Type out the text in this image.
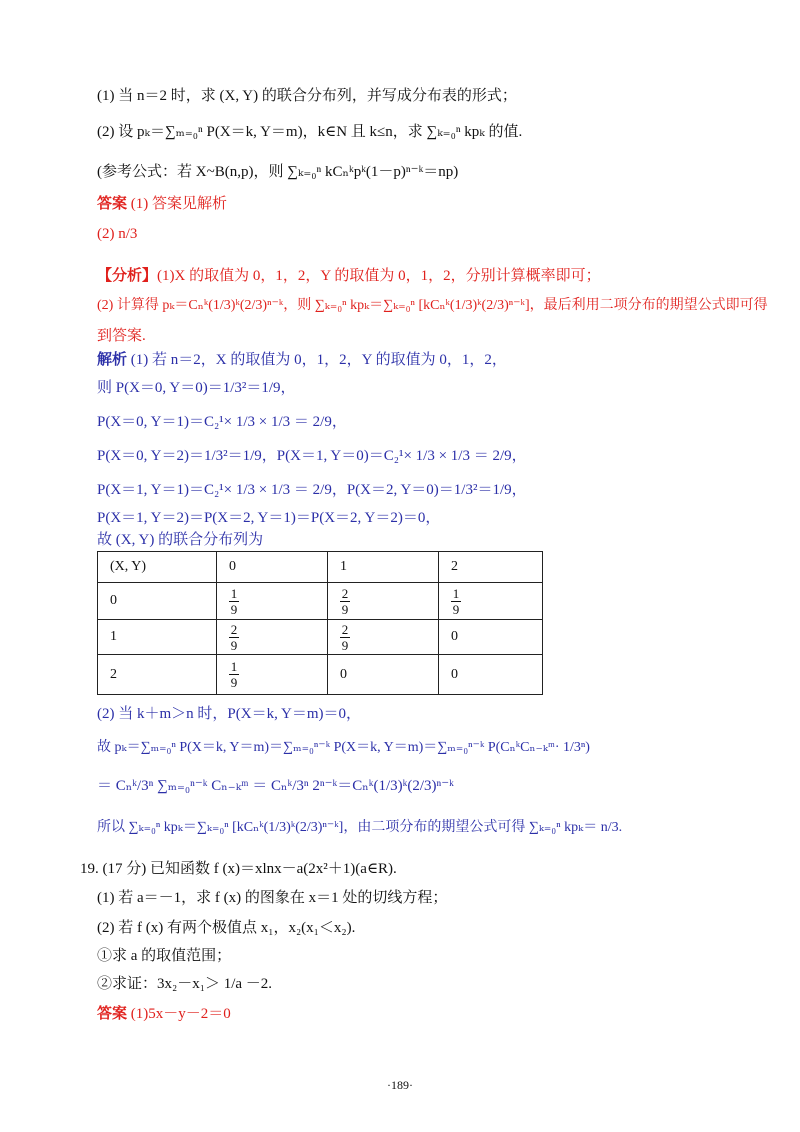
(1) 当 n＝2 时，求 (X, Y) 的联合分布列，并写成分布表的形式；
(2) 设 pₖ＝∑ₘ₌₀ⁿ P(X＝k, Y＝m)，k∈N 且 k≤n，求 ∑ₖ₌₀ⁿ kpₖ 的值.
(参考公式：若 X~B(n,p)，则 ∑ₖ₌₀ⁿ kCₙᵏpᵏ(1－p)ⁿ⁻ᵏ＝np)
答案 (1) 答案见解析
(2) n/3
【分析】(1)X 的取值为 0，1，2，Y 的取值为 0，1，2，分别计算概率即可；
(2) 计算得 pₖ＝Cₙᵏ(1/3)ᵏ(2/3)ⁿ⁻ᵏ，则 ∑ₖ₌₀ⁿ kpₖ＝∑ₖ₌₀ⁿ [kCₙᵏ(1/3)ᵏ(2/3)ⁿ⁻ᵏ]，最后利用二项分布的期望公式即可得
到答案.
解析 (1) 若 n＝2，X 的取值为 0，1，2，Y 的取值为 0，1，2，
则 P(X＝0, Y＝0)＝1/3²＝1/9，
P(X＝0, Y＝1)＝C₂¹× 1/3 × 1/3 ＝ 2/9，
P(X＝0, Y＝2)＝1/3²＝1/9，P(X＝1, Y＝0)＝C₂¹× 1/3 × 1/3 ＝ 2/9，
P(X＝1, Y＝1)＝C₂¹× 1/3 × 1/3 ＝ 2/9，P(X＝2, Y＝0)＝1/3²＝1/9，
P(X＝1, Y＝2)＝P(X＝2, Y＝1)＝P(X＝2, Y＝2)＝0，
故 (X, Y) 的联合分布列为
(X, Y)	0	1	2
0	$\frac{1}{9}$	$\frac{2}{9}$	$\frac{1}{9}$

1	$\frac{2}{9}$	$\frac{2}{9}$	0
2	$\frac{1}{9}$	0	0
(2) 当 k＋m＞n 时，P(X＝k, Y＝m)＝0，
故 pₖ＝∑ₘ₌₀ⁿ P(X＝k, Y＝m)＝∑ₘ₌₀ⁿ⁻ᵏ P(X＝k, Y＝m)＝∑ₘ₌₀ⁿ⁻ᵏ P(CₙᵏCₙ₋ₖᵐ· 1/3ⁿ)
＝ Cₙᵏ/3ⁿ ∑ₘ₌₀ⁿ⁻ᵏ Cₙ₋ₖᵐ ＝ Cₙᵏ/3ⁿ 2ⁿ⁻ᵏ＝Cₙᵏ(1/3)ᵏ(2/3)ⁿ⁻ᵏ
所以 ∑ₖ₌₀ⁿ kpₖ＝∑ₖ₌₀ⁿ [kCₙᵏ(1/3)ᵏ(2/3)ⁿ⁻ᵏ]，由二项分布的期望公式可得 ∑ₖ₌₀ⁿ kpₖ＝ n/3.
19. (17 分) 已知函数 f (x)＝xlnx－a(2x²＋1)(a∈R).
(1) 若 a＝－1，求 f (x) 的图象在 x＝1 处的切线方程；
(2) 若 f (x) 有两个极值点 x₁，x₂(x₁＜x₂).
①求 a 的取值范围；
②求证：3x₂－x₁＞ 1/a －2.
答案 (1)5x－y－2＝0
·189·
